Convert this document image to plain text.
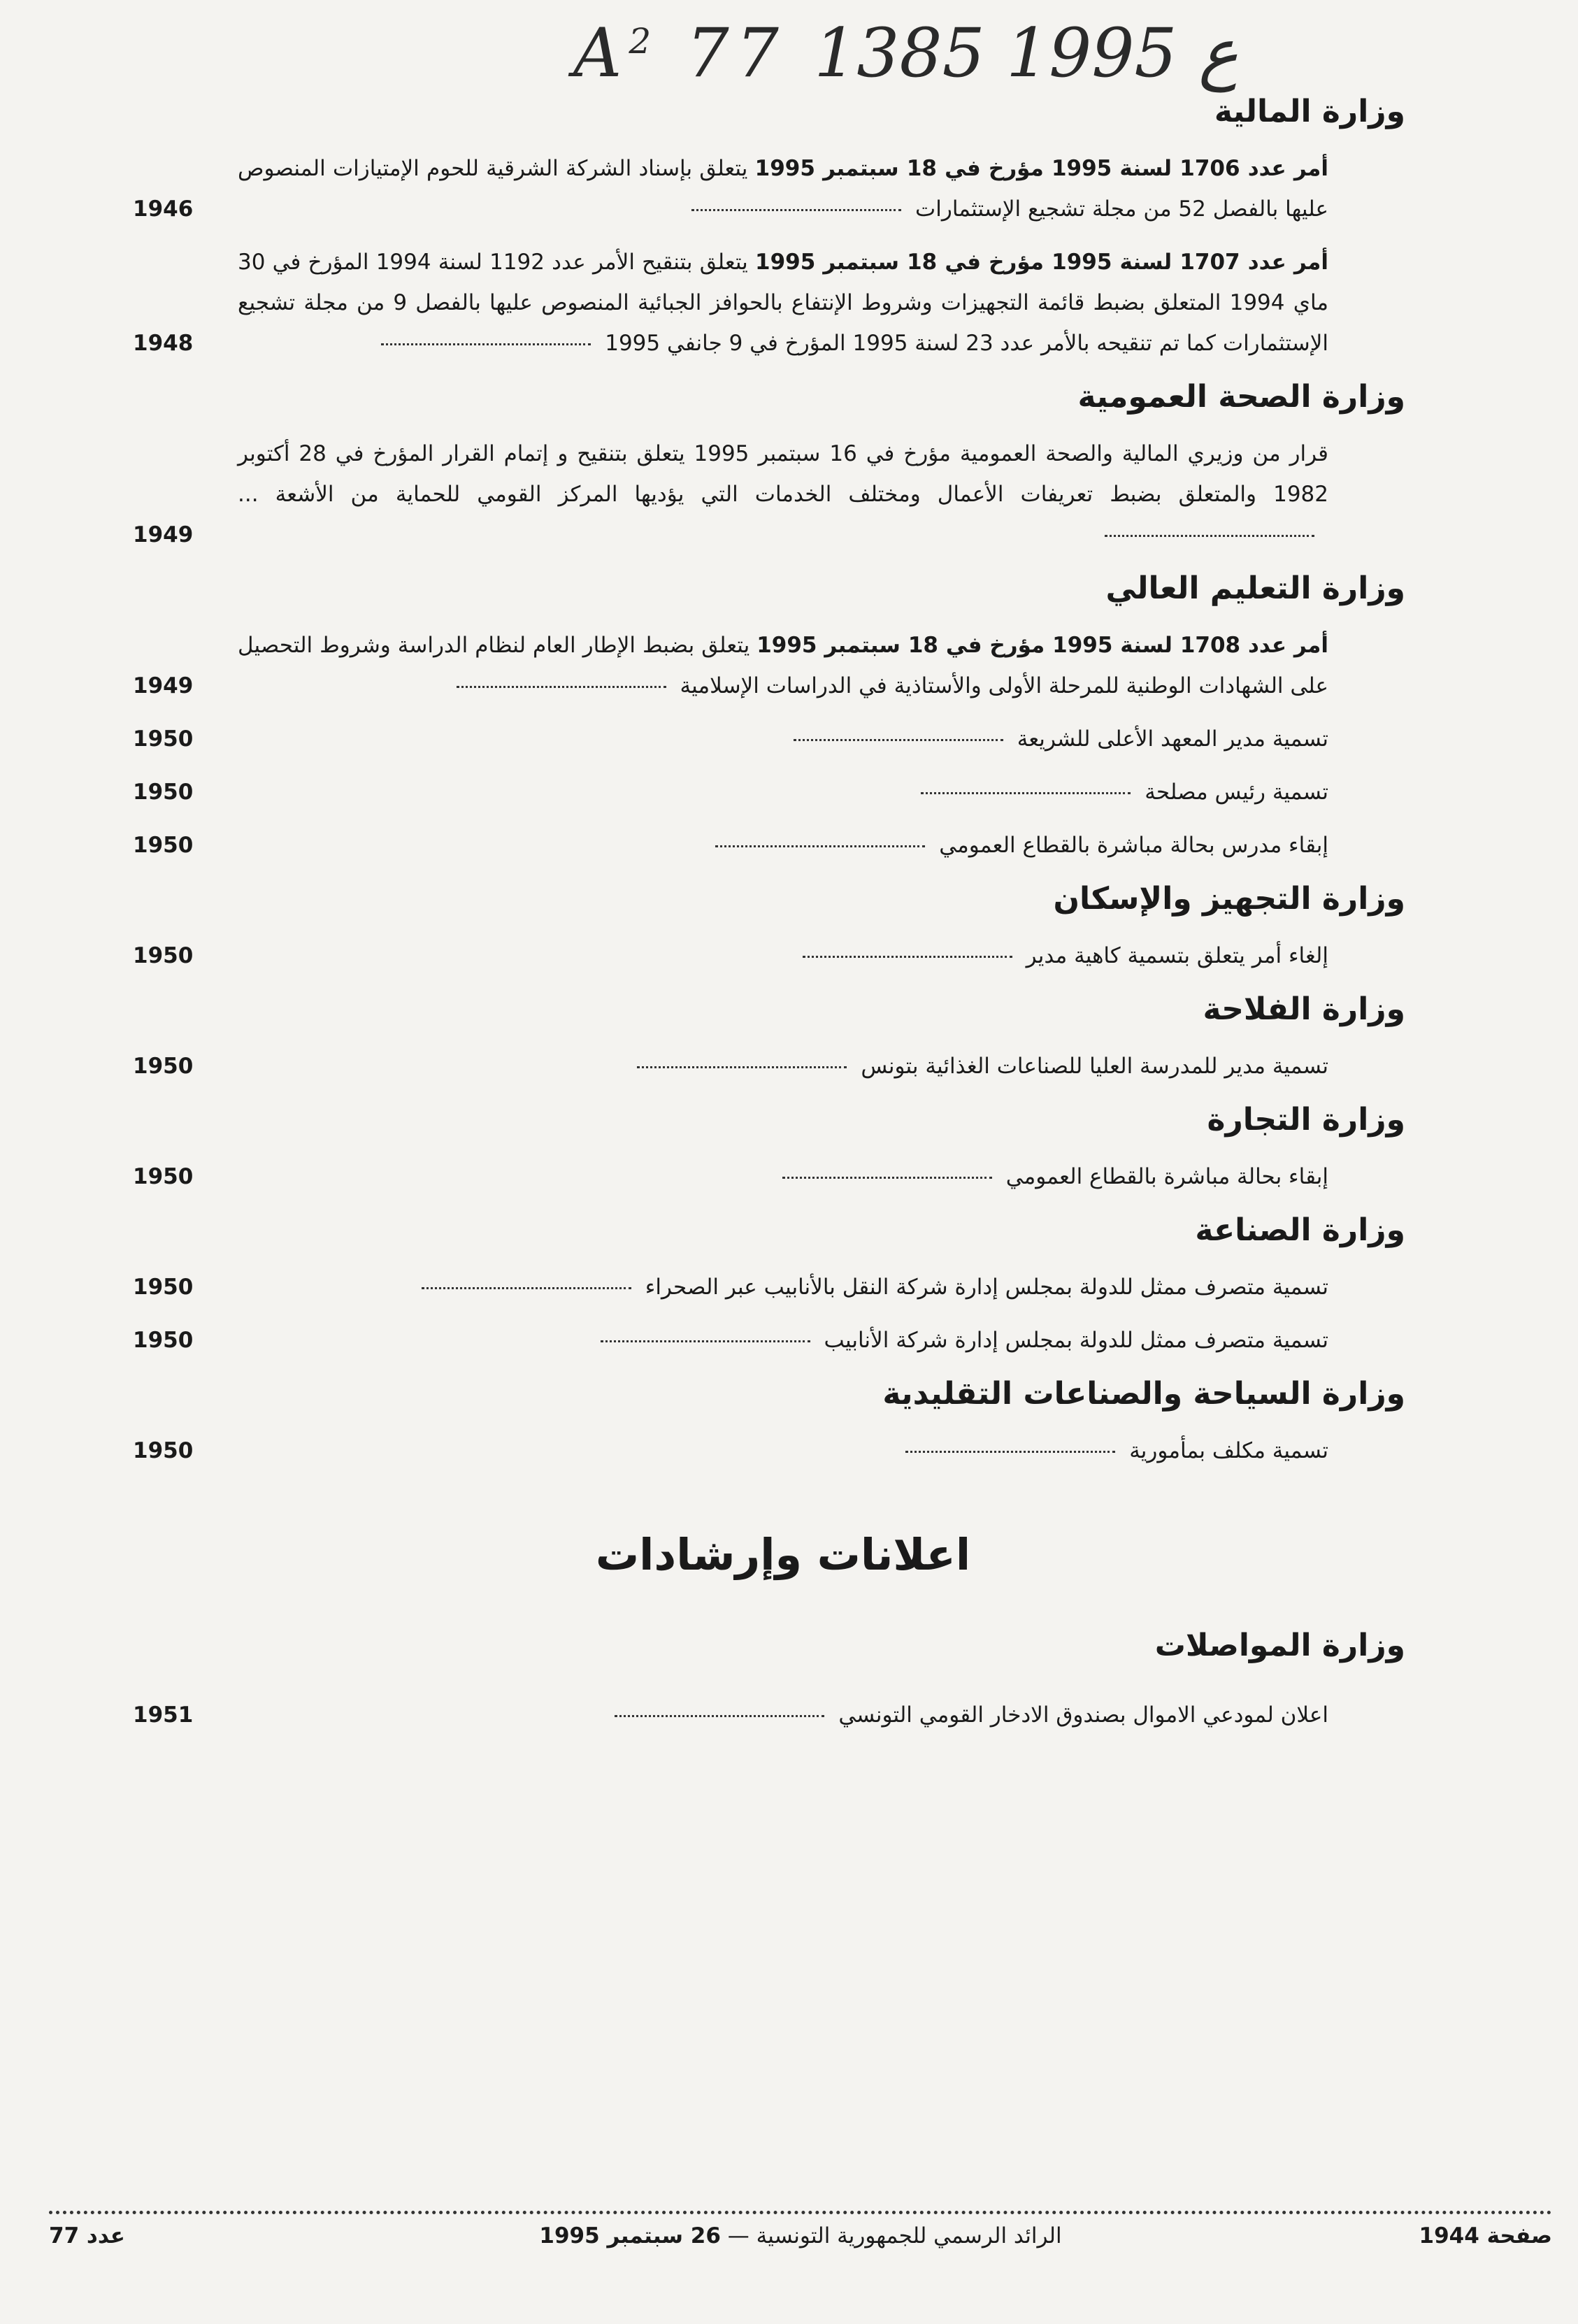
$A^2$ 77 ع 1995 1385
وزارة المالية
أمر عدد 1706 لسنة 1995 مؤرخ في 18 سبتمبر 1995 يتعلق بإسناد الشركة الشرقية للحوم الإمتيازات المنصوص عليها بالفصل 52 من مجلة تشجيع الإستثمارات
1946
أمر عدد 1707 لسنة 1995 مؤرخ في 18 سبتمبر 1995 يتعلق بتنقيح الأمر عدد 1192 لسنة 1994 المؤرخ في 30 ماي 1994 المتعلق بضبط قائمة التجهيزات وشروط الإنتفاع بالحوافز الجبائية المنصوص عليها بالفصل 9 من مجلة تشجيع الإستثمارات كما تم تنقيحه بالأمر عدد 23 لسنة 1995 المؤرخ في 9 جانفي 1995
1948
وزارة الصحة العمومية
قرار من وزيري المالية والصحة العمومية مؤرخ في 16 سبتمبر 1995 يتعلق بتنقيح و إتمام القرار المؤرخ في 28 أكتوبر 1982 والمتعلق بضبط تعريفات الأعمال ومختلف الخدمات التي يؤديها المركز القومي للحماية من الأشعة ...
1949
وزارة التعليم العالي
أمر عدد 1708 لسنة 1995 مؤرخ في 18 سبتمبر 1995 يتعلق بضبط الإطار العام لنظام الدراسة وشروط التحصيل على الشهادات الوطنية للمرحلة الأولى والأستاذية في الدراسات الإسلامية
1949
تسمية مدير المعهد الأعلى للشريعة
1950
تسمية رئيس مصلحة
1950
إبقاء مدرس بحالة مباشرة بالقطاع العمومي
1950
وزارة التجهيز والإسكان
إلغاء أمر يتعلق بتسمية كاهية مدير
1950
وزارة الفلاحة
تسمية مدير للمدرسة العليا للصناعات الغذائية بتونس
1950
وزارة التجارة
إبقاء بحالة مباشرة بالقطاع العمومي
1950
وزارة الصناعة
تسمية متصرف ممثل للدولة بمجلس إدارة شركة النقل بالأنابيب عبر الصحراء
1950
تسمية متصرف ممثل للدولة بمجلس إدارة شركة الأنابيب
1950
وزارة السياحة والصناعات التقليدية
تسمية مكلف بمأمورية
1950
اعلانات وإرشادات
وزارة المواصلات
اعلان لمودعي الاموال بصندوق الادخار القومي التونسي
1951
صفحة 1944
الرائد الرسمي للجمهورية التونسية — 26 سبتمبر 1995
عدد 77
